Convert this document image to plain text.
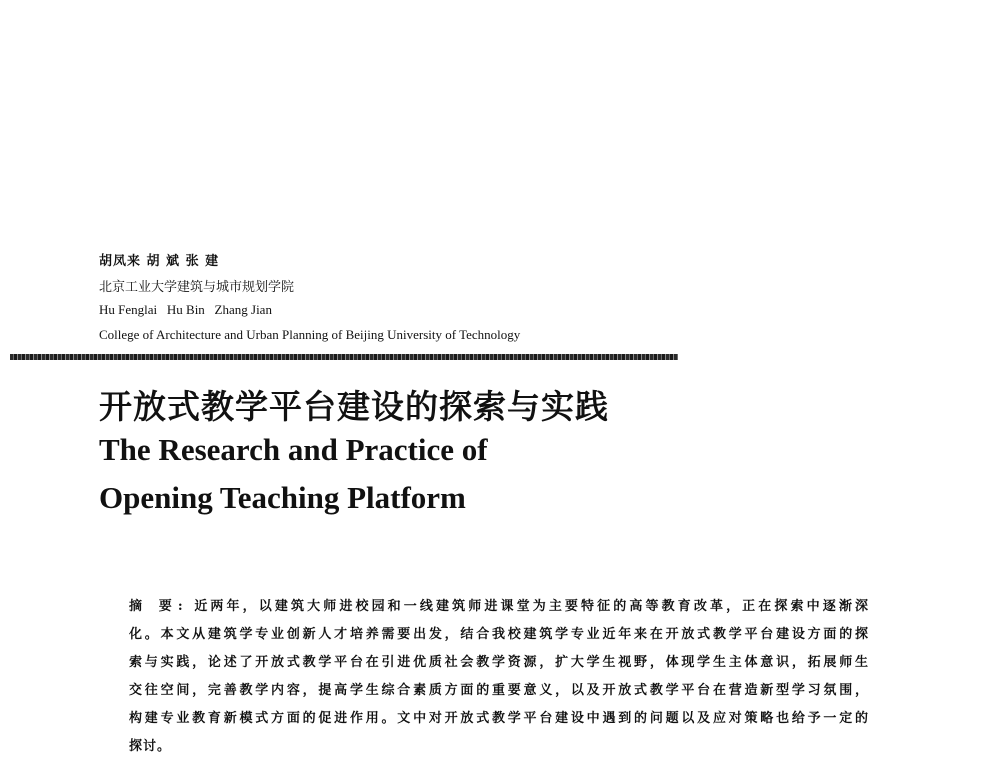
胡凤来 胡 斌 张 建
北京工业大学建筑与城市规划学院
Hu Fenglai   Hu Bin   Zhang Jian
College of Architecture and Urban Planning of Beijing University of Technology
开放式教学平台建设的探索与实践
The Research and Practice of
Opening Teaching Platform
摘 要: 近两年，以建筑大师进校园和一线建筑师进课堂为主要特征的高等教育改革，正在探索中逐渐深
化。本文从建筑学专业创新人才培养需要出发，结合我校建筑学专业近年来在开放式教学平台建设方面的探
索与实践，论述了开放式教学平台在引进优质社会教学资源，扩大学生视野，体现学生主体意识，拓展师生
交往空间，完善教学内容，提高学生综合素质方面的重要意义，以及开放式教学平台在营造新型学习氛围，
构建专业教育新模式方面的促进作用。文中对开放式教学平台建设中遇到的问题以及应对策略也给予一定的
探讨。
